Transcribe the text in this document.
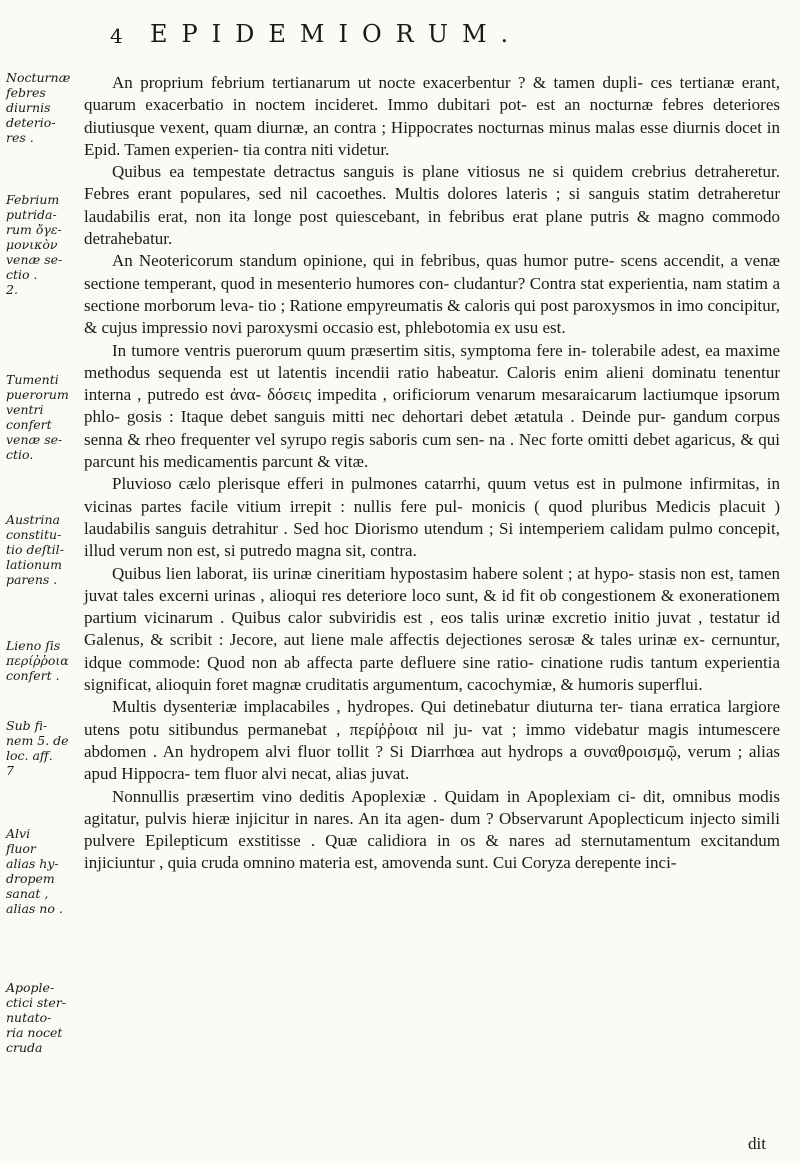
4 EPIDEMIORUM.
Nocturnæ
febres
diurnis
deterio-
res .
Febrium
putrida-
rum ὄγε-
μονικὸν
venæ se-
ctio .
2.
Tumenti
puerorum
ventri
confert
venæ se-
ctio.
Austrina
constitu-
tio deſtil-
lationum
parens .
Lieno ſis
περίῤῥοια
confert .
Sub fi-
nem 5. de
loc. aff.
7
Alvi
fluor
alias hy-
dropem
sanat ,
alias no .
Apople-
ctici ster-
nutato-
ria nocet
cruda

An proprium febrium tertianarum ut nocte exacerbentur ? & tamen dupli- ces tertianæ erant, quarum exacerbatio in noctem incideret. Immo dubitari pot- est an nocturnæ febres deteriores diutiusque vexent, quam diurnæ, an contra ; Hippocrates nocturnas minus malas esse diurnis docet in Epid. Tamen experien- tia contra niti videtur.

Quibus ea tempestate detractus sanguis is plane vitiosus ne si quidem crebrius detraheretur. Febres erant populares, sed nil cacoethes. Multis dolores lateris ; si sanguis statim detraheretur laudabilis erat, non ita longe post quiescebant, in febribus erat plane putris & magno commodo detrahebatur.

An Neotericorum standum opinione, qui in febribus, quas humor putre- scens accendit, a venæ sectione temperant, quod in mesenterio humores con- cludantur? Contra stat experientia, nam statim a sectione morborum leva- tio ; Ratione empyreumatis & caloris qui post paroxysmos in imo concipitur, & cujus impressio novi paroxysmi occasio est, phlebotomia ex usu est.

In tumore ventris puerorum quum præsertim sitis, symptoma fere in- tolerabile adest, ea maxime methodus sequenda est ut latentis incendii ratio habeatur. Caloris enim alieni dominatu tenentur interna , putredo est ἀνα- δόσεις impedita , orificiorum venarum mesaraicarum lactiumque ipsorum phlo- gosis : Itaque debet sanguis mitti nec dehortari debet ætatula . Deinde pur- gandum corpus senna & rheo frequenter vel syrupo regis saboris cum sen- na . Nec forte omitti debet agaricus, & qui parcunt his medicamentis parcunt & vitæ.

Pluvioso cælo plerisque efferi in pulmones catarrhi, quum vetus est in pulmone infirmitas, in vicinas partes facile vitium irrepit : nullis fere pul- monicis ( quod pluribus Medicis placuit ) laudabilis sanguis detrahitur . Sed hoc Diorismo utendum ; Si intemperiem calidam pulmo concepit, illud verum non est, si putredo magna sit, contra.

Quibus lien laborat, iis urinæ cineritiam hypostasim habere solent ; at hypo- stasis non est, tamen juvat tales excerni urinas , alioqui res deteriore loco sunt, & id fit ob congestionem & exonerationem partium vicinarum . Quibus calor subviridis est , eos talis urinæ excretio initio juvat , testatur id Galenus, & scribit : Jecore, aut liene male affectis dejectiones serosæ & tales urinæ ex- cernuntur, idque commode: Quod non ab affecta parte defluere sine ratio- cinatione rudis tantum experientia significat, alioquin foret magnæ cruditatis argumentum, cacochymiæ, & humoris superflui.

Multis dysenteriæ implacabiles , hydropes. Qui detinebatur diuturna ter- tiana erratica largiore utens potu sitibundus permanebat , περίῤῥοια nil ju- vat ; immo videbatur magis intumescere abdomen . An hydropem alvi fluor tollit ? Si Diarrhœa aut hydrops a συναθροισμῷ, verum ; alias apud Hippocra- tem fluor alvi necat, alias juvat.

Nonnullis præsertim vino deditis Apoplexiæ . Quidam in Apoplexiam ci- dit, omnibus modis agitatur, pulvis hieræ injicitur in nares. An ita agen- dum ? Observarunt Apoplecticum injecto simili pulvere Epilepticum exstitisse . Quæ calidiora in os & nares ad sternutamentum excitandum injiciuntur , quia cruda omnino materia est, amovenda sunt. Cui Coryza derepente inci-

dit
